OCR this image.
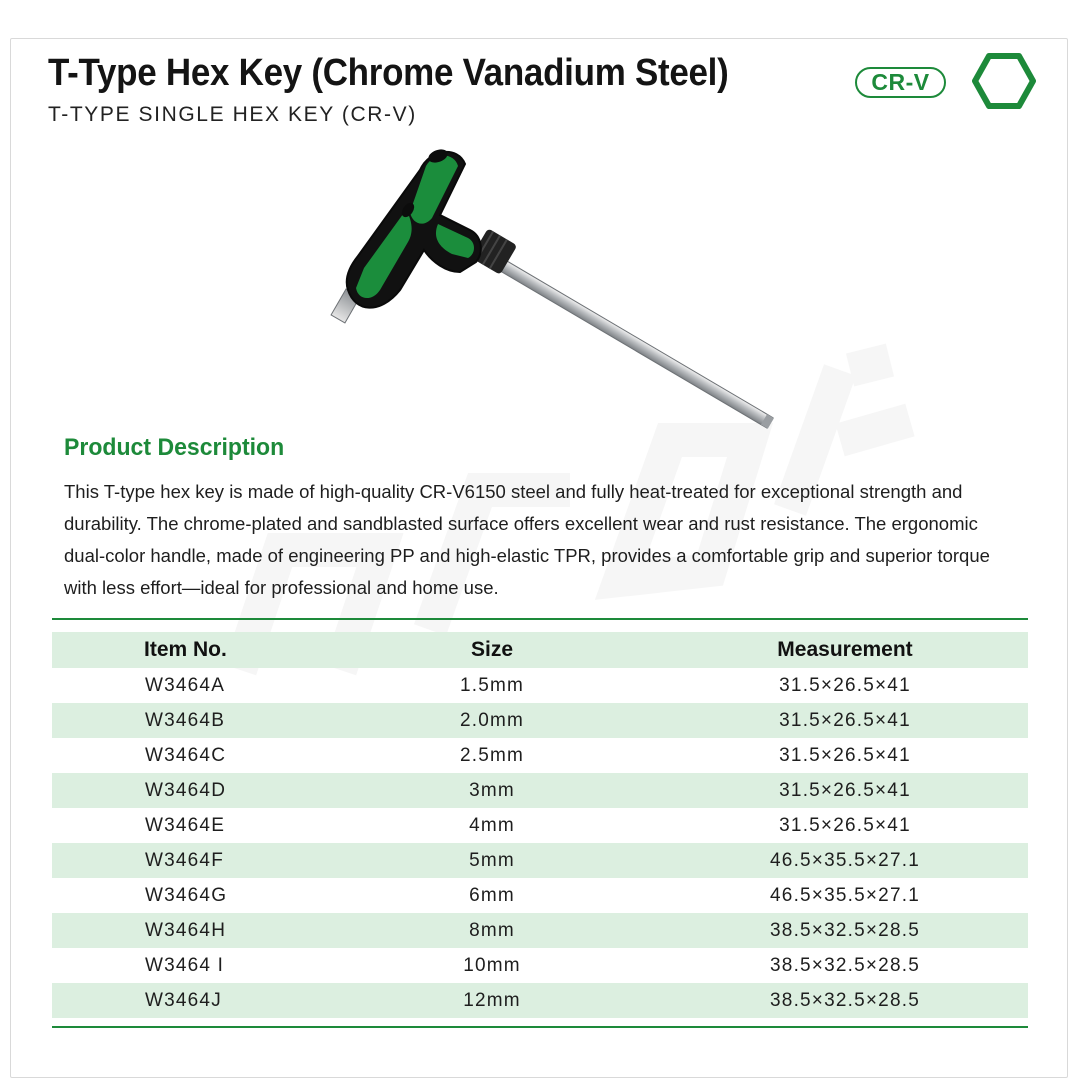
T-Type Hex Key (Chrome Vanadium Steel)

T-TYPE SINGLE HEX KEY (CR-V)

CR-V
Product Description

This T-type hex key is made of high-quality CR-V6150 steel and fully heat-treated for exceptional strength and durability. The chrome-plated and sandblasted surface offers excellent wear and rust resistance. The ergonomic dual-color handle, made of engineering PP and high-elastic TPR, provides a comfortable grip and superior torque with less effort—ideal for professional and home use.

Item No.	Size	Measurement
W3464A	1.5mm	31.5×26.5×41
W3464B	2.0mm	31.5×26.5×41
W3464C	2.5mm	31.5×26.5×41
W3464D	3mm	31.5×26.5×41
W3464E	4mm	31.5×26.5×41
W3464F	5mm	46.5×35.5×27.1
W3464G	6mm	46.5×35.5×27.1
W3464H	8mm	38.5×32.5×28.5
W3464 I	10mm	38.5×32.5×28.5
W3464J	12mm	38.5×32.5×28.5
